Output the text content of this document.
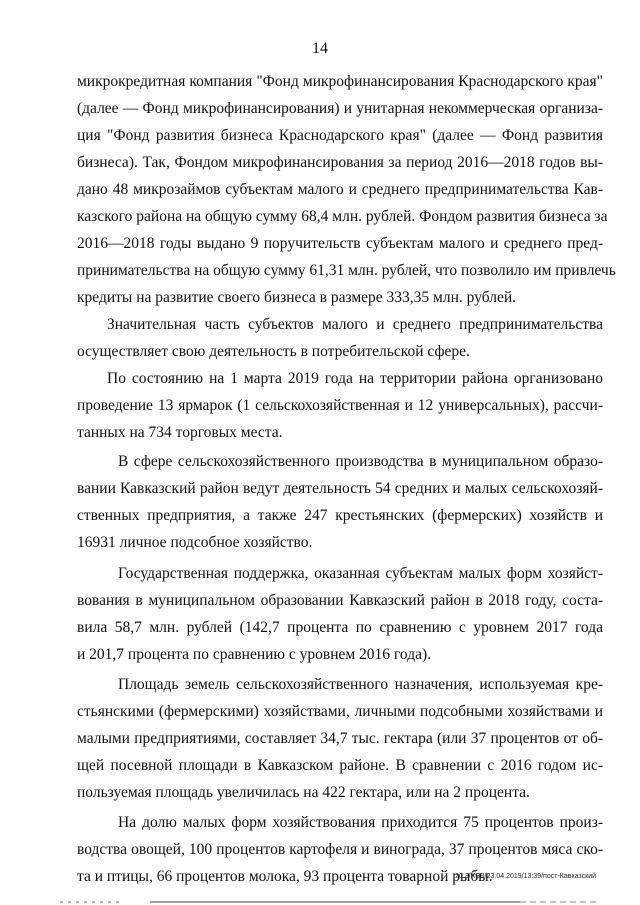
14
микрокредитная компания "Фонд микрофинансирования Краснодарского края"
(далее — Фонд микрофинансирования) и унитарная некоммерческая организа-
ция "Фонд развития бизнеса Краснодарского края" (далее — Фонд развития
бизнеса). Так, Фондом микрофинансирования за период 2016—2018 годов вы-
дано 48 микрозаймов субъектам малого и среднего предпринимательства Кав-
казского района на общую сумму 68,4 млн. рублей. Фондом развития бизнеса за
2016—2018 годы выдано 9 поручительств субъектам малого и среднего пред-
принимательства на общую сумму 61,31 млн. рублей, что позволило им привлечь
кредиты на развитие своего бизнеса в размере 333,35 млн. рублей.
Значительная часть субъектов малого и среднего предпринимательства
осуществляет свою деятельность в потребительской сфере.
По состоянию на 1 марта 2019 года на территории района организовано
проведение 13 ярмарок (1 сельскохозяйственная и 12 универсальных), рассчи-
танных на 734 торговых места.
В сфере сельскохозяйственного производства в муниципальном образо-
вании Кавказский район ведут деятельность 54 средних и малых сельскохозяй-
ственных предприятия, а также 247 крестьянских (фермерских) хозяйств и
16931 личное подсобное хозяйство.
Государственная поддержка, оказанная субъектам малых форм хозяйст-
вования в муниципальном образовании Кавказский район в 2018 году, соста-
вила 58,7 млн. рублей (142,7 процента по сравнению с уровнем 2017 года
и 201,7 процента по сравнению с уровнем 2016 года).
Площадь земель сельскохозяйственного назначения, используемая кре-
стьянскими (фермерскими) хозяйствами, личными подсобными хозяйствами и
малыми предприятиями, составляет 34,7 тыс. гектара (или 37 процентов от об-
щей посевной площади в Кавказском районе. В сравнении с 2016 годом ис-
пользуемая площадь увеличилась на 422 гектара, или на 2 процента.
На долю малых форм хозяйствования приходится 75 процентов произ-
водства овощей, 100 процентов картофеля и винограда, 37 процентов мяса ско-
та и птицы, 66 процентов молока, 93 процента товарной рыбы.
20.3/ХБВ/23.04.2019/13:39/пост-Кавказский
